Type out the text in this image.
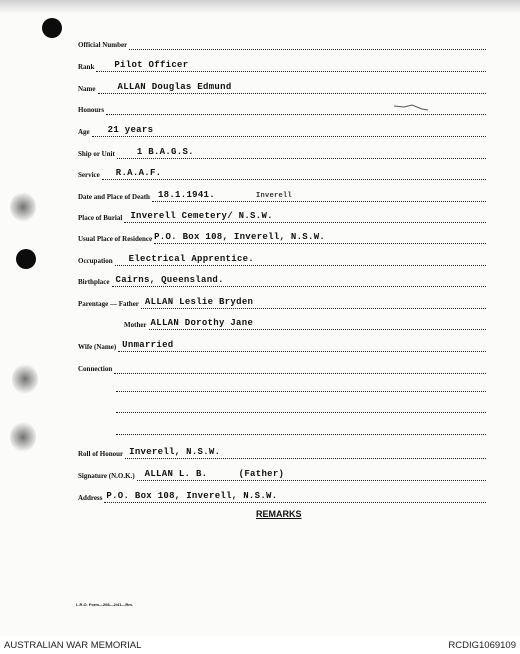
Official Number
Rank Pilot Officer
Name ALLAN Douglas Edmund
Honours
Age 21 years
Ship or Unit 1 B.A.G.S.
Service R.A.A.F.
Date and Place of Death 18.1.1941.	Inverell
Place of Burial Inverell Cemetery/ N.S.W.
Usual Place of Residence P.O. Box 108, Inverell, N.S.W.
Occupation Electrical Apprentice.
Birthplace Cairns, Queensland.
Parentage — Father ALLAN Leslie Bryden
Mother ALLAN Dorothy Jane
Wife (Name) Unmarried
Connection
Roll of Honour Inverell, N.S.W.
Signature (N.O.K.) ALLAN L. B.	(Father)
Address P.O. Box 108, Inverell, N.S.W.
REMARKS
L.R.O. Form—208—2/41—Rm.
AUSTRALIAN WAR MEMORIAL	RCDIG1069109
